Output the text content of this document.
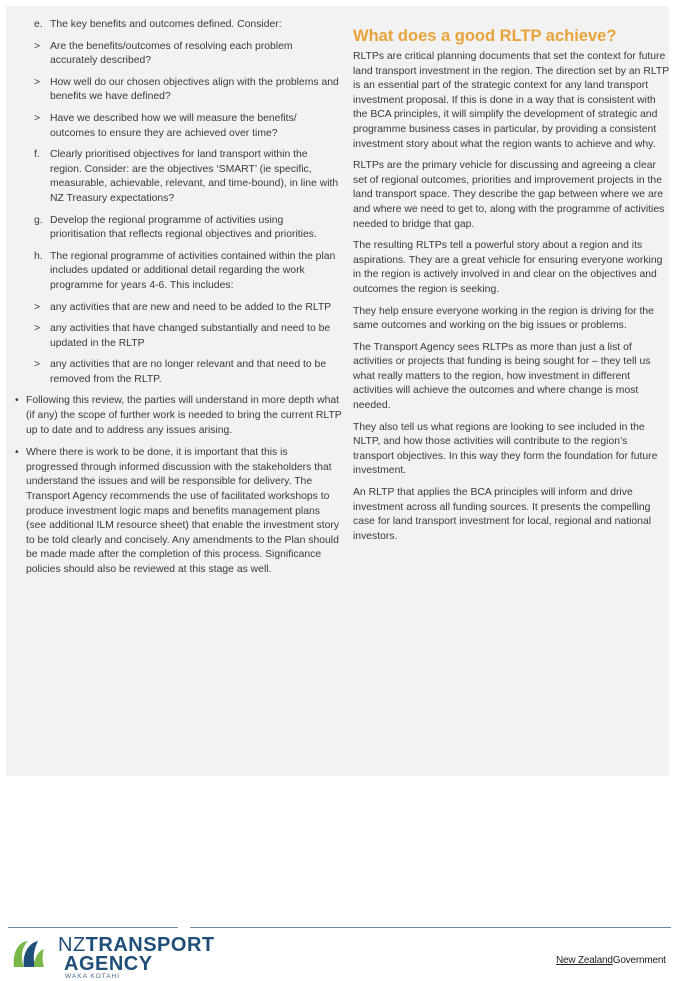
e. The key benefits and outcomes defined. Consider:
> Are the benefits/outcomes of resolving each problem accurately described?
> How well do our chosen objectives align with the problems and benefits we have defined?
> Have we described how we will measure the benefits/ outcomes to ensure they are achieved over time?
f. Clearly prioritised objectives for land transport within the region. Consider: are the objectives ‘SMART’ (ie specific, measurable, achievable, relevant, and time-bound), in line with NZ Treasury expectations?
g. Develop the regional programme of activities using prioritisation that reflects regional objectives and priorities.
h. The regional programme of activities contained within the plan includes updated or additional detail regarding the work programme for years 4-6. This includes:
> any activities that are new and need to be added to the RLTP
> any activities that have changed substantially and need to be updated in the RLTP
> any activities that are no longer relevant and that need to be removed from the RLTP.
• Following this review, the parties will understand in more depth what (if any) the scope of further work is needed to bring the current RLTP up to date and to address any issues arising.
• Where there is work to be done, it is important that this is progressed through informed discussion with the stakeholders that understand the issues and will be responsible for delivery. The Transport Agency recommends the use of facilitated workshops to produce investment logic maps and benefits management plans (see additional ILM resource sheet) that enable the investment story to be told clearly and concisely. Any amendments to the Plan should be made made after the completion of this process. Significance policies should also be reviewed at this stage as well.
What does a good RLTP achieve?

RLTPs are critical planning documents that set the context for future land transport investment in the region. The direction set by an RLTP is an essential part of the strategic context for any land transport investment proposal. If this is done in a way that is consistent with the BCA principles, it will simplify the development of strategic and programme business cases in particular, by providing a consistent investment story about what the region wants to achieve and why.

RLTPs are the primary vehicle for discussing and agreeing a clear set of regional outcomes, priorities and improvement projects in the land transport space. They describe the gap between where we are and where we need to get to, along with the programme of activities needed to bridge that gap.

The resulting RLTPs tell a powerful story about a region and its aspirations. They are a great vehicle for ensuring everyone working in the region is actively involved in and clear on the objectives and outcomes the region is seeking.

They help ensure everyone working in the region is driving for the same outcomes and working on the big issues or problems.

The Transport Agency sees RLTPs as more than just a list of activities or projects that funding is being sought for – they tell us what really matters to the region, how investment in different activities will achieve the outcomes and where change is most needed.

They also tell us what regions are looking to see included in the NLTP, and how those activities will contribute to the region’s transport objectives. In this way they form the foundation for future investment.

An RLTP that applies the BCA principles will inform and drive investment across all funding sources. It presents the compelling case for land transport investment for local, regional and national investors.

NZTRANSPORT
AGENCY
WAKA KOTAHI
New ZealandGovernment
